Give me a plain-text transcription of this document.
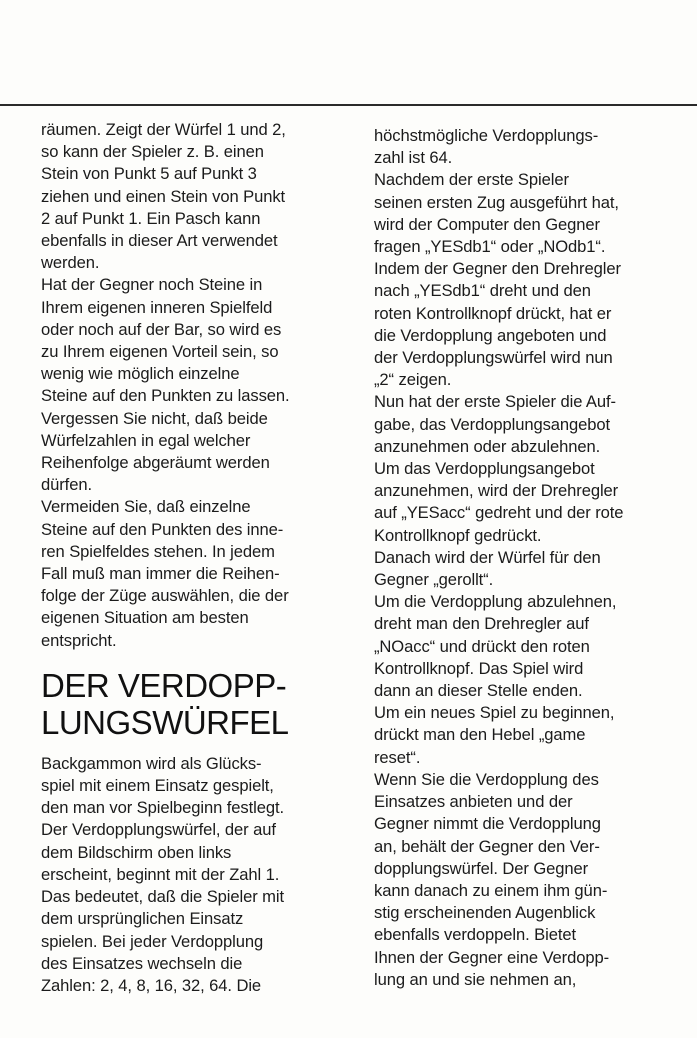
räumen. Zeigt der Würfel 1 und 2,
so kann der Spieler z. B. einen
Stein von Punkt 5 auf Punkt 3
ziehen und einen Stein von Punkt
2 auf Punkt 1. Ein Pasch kann
ebenfalls in dieser Art verwendet
werden.
Hat der Gegner noch Steine in
Ihrem eigenen inneren Spielfeld
oder noch auf der Bar, so wird es
zu Ihrem eigenen Vorteil sein, so
wenig wie möglich einzelne
Steine auf den Punkten zu lassen.
Vergessen Sie nicht, daß beide
Würfelzahlen in egal welcher
Reihenfolge abgeräumt werden
dürfen.
Vermeiden Sie, daß einzelne
Steine auf den Punkten des inne-
ren Spielfeldes stehen. In jedem
Fall muß man immer die Reihen-
folge der Züge auswählen, die der
eigenen Situation am besten
entspricht.
DER VERDOPP-
LUNGSWÜRFEL
Backgammon wird als Glücks-
spiel mit einem Einsatz gespielt,
den man vor Spielbeginn festlegt.
Der Verdopplungswürfel, der auf
dem Bildschirm oben links
erscheint, beginnt mit der Zahl 1.
Das bedeutet, daß die Spieler mit
dem ursprünglichen Einsatz
spielen. Bei jeder Verdopplung
des Einsatzes wechseln die
Zahlen: 2, 4, 8, 16, 32, 64. Die
höchstmögliche Verdopplungs-
zahl ist 64.
Nachdem der erste Spieler
seinen ersten Zug ausgeführt hat,
wird der Computer den Gegner
fragen „YESdb1“ oder „NOdb1“.
Indem der Gegner den Drehregler
nach „YESdb1“ dreht und den
roten Kontrollknopf drückt, hat er
die Verdopplung angeboten und
der Verdopplungswürfel wird nun
„2“ zeigen.
Nun hat der erste Spieler die Auf-
gabe, das Verdopplungsangebot
anzunehmen oder abzulehnen.
Um das Verdopplungsangebot
anzunehmen, wird der Drehregler
auf „YESacc“ gedreht und der rote
Kontrollknopf gedrückt.
Danach wird der Würfel für den
Gegner „gerollt“.
Um die Verdopplung abzulehnen,
dreht man den Drehregler auf
„NOacc“ und drückt den roten
Kontrollknopf. Das Spiel wird
dann an dieser Stelle enden.
Um ein neues Spiel zu beginnen,
drückt man den Hebel „game
reset“.
Wenn Sie die Verdopplung des
Einsatzes anbieten und der
Gegner nimmt die Verdopplung
an, behält der Gegner den Ver-
dopplungswürfel. Der Gegner
kann danach zu einem ihm gün-
stig erscheinenden Augenblick
ebenfalls verdoppeln. Bietet
Ihnen der Gegner eine Verdopp-
lung an und sie nehmen an,
